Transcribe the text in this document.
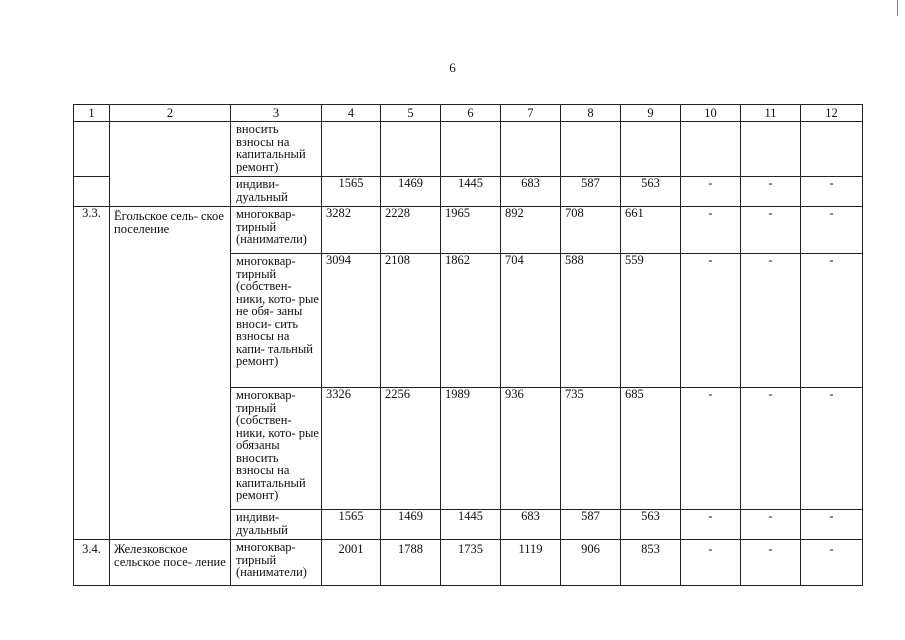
6
1	2	3	4	5	6	7	8	9	10	11	12
		вносить взносы на капитальный ремонт)									
		индиви- дуальный	1565	1469	1445	683	587	563	-	-	-
3.3.	Ёгольское сель- ское поселение	многоквар- тирный (наниматели)	3282	2228	1965	892	708	661	-	-	-
		многоквар- тирный (собствен- ники, кото- рые не обя- заны вноси- сить взносы на капи- тальный ремонт)	3094	2108	1862	704	588	559	-	-	-
		многоквар- тирный (собствен- ники, кото- рые обязаны вносить взносы на капитальный ремонт)	3326	2256	1989	936	735	685	-	-	-
		индиви- дуальный	1565	1469	1445	683	587	563	-	-	-
3.4.	Железковское сельское посе- ление	многоквар- тирный (наниматели)	2001	1788	1735	1119	906	853	-	-	-
